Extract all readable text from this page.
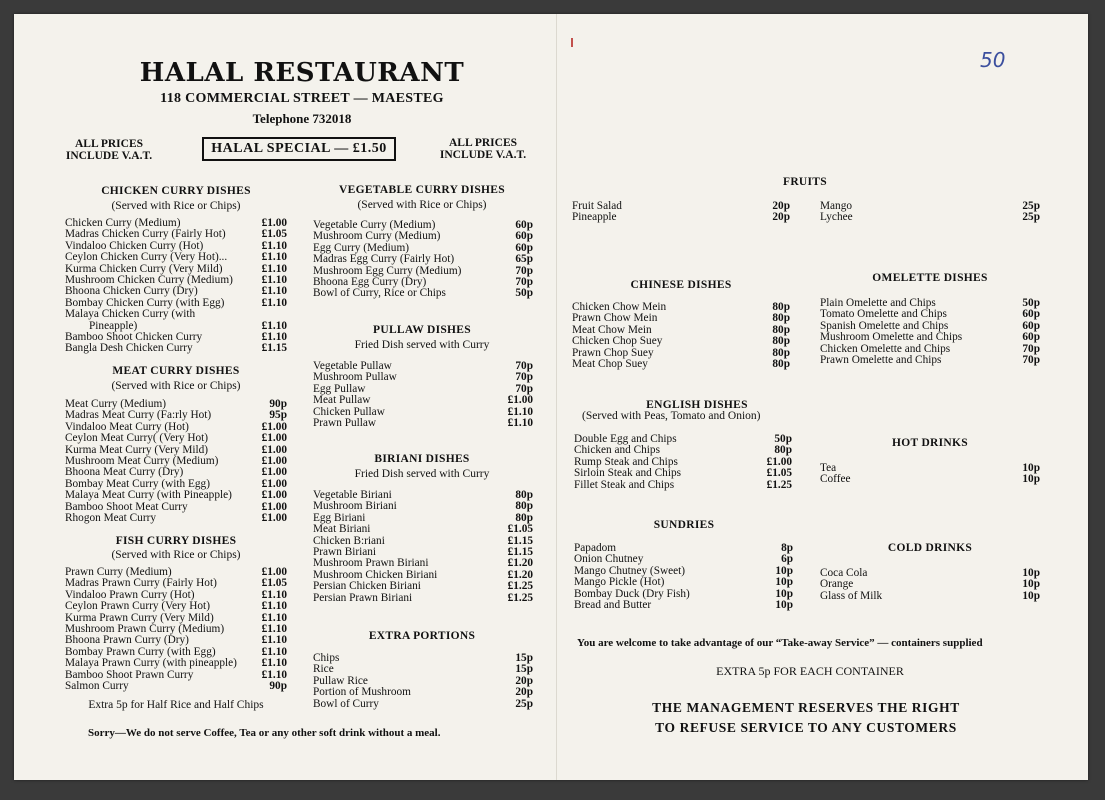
50
HALAL RESTAURANT
118 COMMERCIAL STREET — MAESTEG
Telephone 732018
ALL PRICES
INCLUDE V.A.T.	HALAL SPECIAL — £1.50	ALL PRICES
INCLUDE V.A.T.
CHICKEN CURRY DISHES
(Served with Rice or Chips)
Chicken Curry (Medium)	£1.00
Madras Chicken Curry (Fairly Hot)	£1.05
Vindaloo Chicken Curry (Hot)	£1.10
Ceylon Chicken Curry (Very Hot)...	£1.10
Kurma Chicken Curry (Very Mild)	£1.10
Mushroom Chicken Curry (Medium)	£1.10
Bhoona Chicken Curry (Dry)	£1.10
Bombay Chicken Curry (with Egg)	£1.10
Malaya Chicken Curry (with
Pineapple)	£1.10
Bamboo Shoot Chicken Curry	£1.10
Bangla Desh Chicken Curry	£1.15
MEAT CURRY DISHES
(Served with Rice or Chips)
Meat Curry (Medium)	90p
Madras Meat Curry (Fa:rly Hot)	95p
Vindaloo Meat Curry (Hot)	£1.00
Ceylon Meat Curry( (Very Hot)	£1.00
Kurma Meat Curry (Very Mild)	£1.00
Mushroom Meat Curry (Medium)	£1.00
Bhoona Meat Curry (Dry)	£1.00
Bombay Meat Curry (with Egg)	£1.00
Malaya Meat Curry (with Pineapple)	£1.00
Bamboo Shoot Meat Curry	£1.00
Rhogon Meat Curry	£1.00
FISH CURRY DISHES
(Served with Rice or Chips)
Prawn Curry (Medium)	£1.00
Madras Prawn Curry (Fairly Hot)	£1.05
Vindaloo Prawn Curry (Hot)	£1.10
Ceylon Prawn Curry (Very Hot)	£1.10
Kurma Prawn Curry (Very Mild)	£1.10
Mushroom Prawn Curry (Medium)	£1.10
Bhoona Prawn Curry (Dry)	£1.10
Bombay Prawn Curry (with Egg)	£1.10
Malaya Prawn Curry (with pineapple)	£1.10
Bamboo Shoot Prawn Curry	£1.10
Salmon Curry	90p
Extra 5p for Half Rice and Half Chips
VEGETABLE CURRY DISHES
(Served with Rice or Chips)
Vegetable Curry (Medium)	60p
Mushroom Curry (Medium)	60p
Egg Curry (Medium)	60p
Madras Egg Curry (Fairly Hot)	65p
Mushroom Egg Curry (Medium)	70p
Bhoona Egg Curry (Dry)	70p
Bowl of Curry, Rice or Chips	50p
PULLAW DISHES
Fried Dish served with Curry
Vegetable Pullaw	70p
Mushroom Pullaw	70p
Egg Pullaw	70p
Meat Pullaw	£1.00
Chicken Pullaw	£1.10
Prawn Pullaw	£1.10
BIRIANI DISHES
Fried Dish served with Curry
Vegetable Biriani	80p
Mushroom Biriani	80p
Egg Biriani	80p
Meat Biriani	£1.05
Chicken B:riani	£1.15
Prawn Biriani	£1.15
Mushroom Prawn Biriani	£1.20
Mushroom Chicken Biriani	£1.20
Persian Chicken Biriani	£1.25
Persian Prawn Biriani	£1.25
EXTRA PORTIONS
Chips	15p
Rice	15p
Pullaw Rice	20p
Portion of Mushroom	20p
Bowl of Curry	25p
Sorry—We do not serve Coffee, Tea or any other soft drink without a meal.
FRUITS
Fruit Salad	20p
Pineapple	20p
Mango	25p
Lychee	25p
CHINESE DISHES
Chicken Chow Mein	80p
Prawn Chow Mein	80p
Meat Chow Mein	80p
Chicken Chop Suey	80p
Prawn Chop Suey	80p
Meat Chop Suey	80p
OMELETTE DISHES
Plain Omelette and Chips	50p
Tomato Omelette and Chips	60p
Spanish Omelette and Chips	60p
Mushroom Omelette and Chips	60p
Chicken Omelette and Chips	70p
Prawn Omelette and Chips	70p
ENGLISH DISHES
(Served with Peas, Tomato and Onion)
Double Egg and Chips	50p
Chicken and Chips	80p
Rump Steak and Chips	£1.00
Sirloin Steak and Chips	£1.05
Fillet Steak and Chips	£1.25
HOT DRINKS
Tea	10p
Coffee	10p
SUNDRIES
Papadom	8p
Onion Chutney	6p
Mango Chutney (Sweet)	10p
Mango Pickle (Hot)	10p
Bombay Duck (Dry Fish)	10p
Bread and Butter	10p
COLD DRINKS
Coca Cola	10p
Orange	10p
Glass of Milk	10p
You are welcome to take advantage of our “Take-away Service” — containers supplied
EXTRA 5p FOR EACH CONTAINER
THE MANAGEMENT RESERVES THE RIGHT
TO REFUSE SERVICE TO ANY CUSTOMERS
